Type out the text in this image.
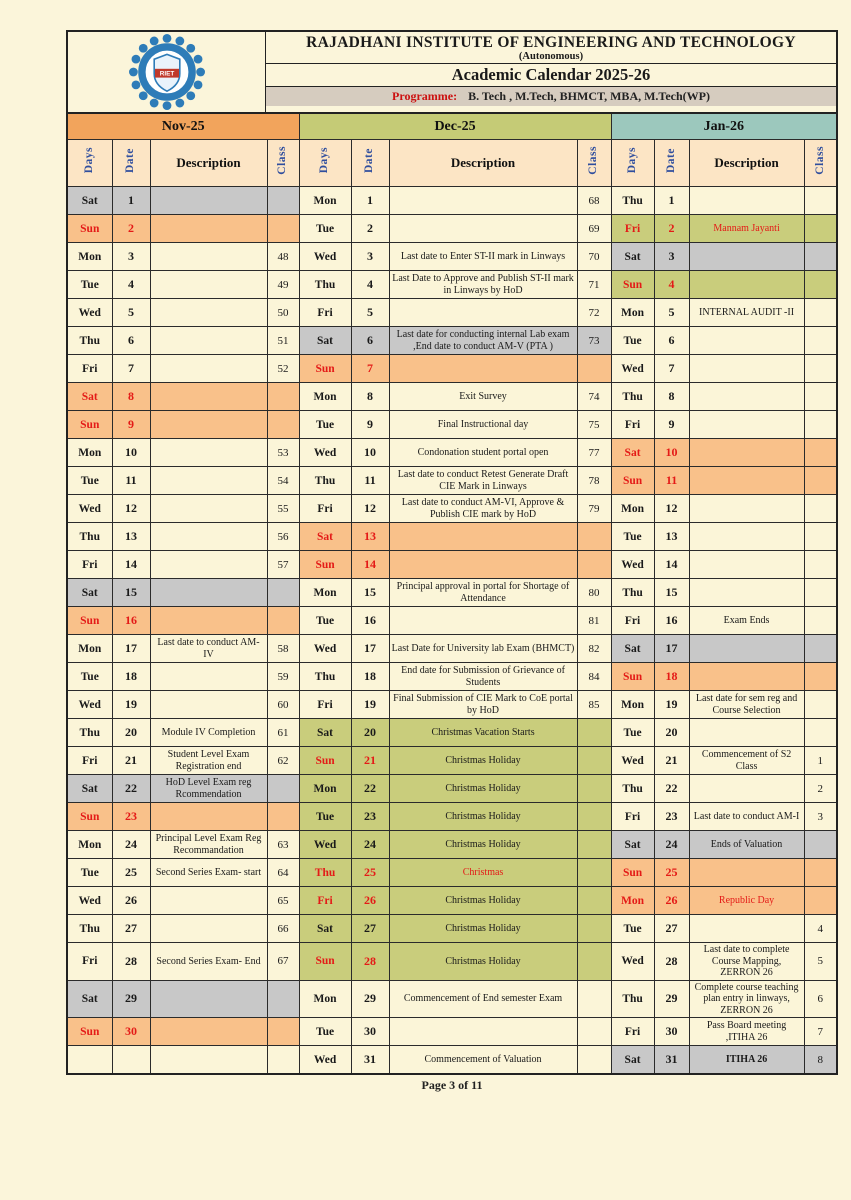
RIET
RAJADHANI INSTITUTE OF ENGINEERING AND TECHNOLOGY
(Autonomous)
Academic Calendar 2025-26
Programme: B. Tech , M.Tech, BHMCT, MBA, M.Tech(WP)
Nov-25				Dec-25				Jan-26			
Days	Date	Description	Class	Days	Date	Description	Class	Days	Date	Description	Class
Sat	1			Mon	1		68	Thu	1		
Sun	2			Tue	2		69	Fri	2	Mannam Jayanti	
Mon	3		48	Wed	3	Last date to Enter ST-II mark in Linways	70	Sat	3		
Tue	4		49	Thu	4	Last Date to Approve and Publish ST-II mark in Linways by HoD	71	Sun	4		
Wed	5		50	Fri	5		72	Mon	5	INTERNAL AUDIT -II	
Thu	6		51	Sat	6	Last date for conducting internal Lab exam ,End date to conduct AM-V (PTA )	73	Tue	6		
Fri	7		52	Sun	7			Wed	7		
Sat	8			Mon	8	Exit Survey	74	Thu	8		
Sun	9			Tue	9	Final Instructional day	75	Fri	9		
Mon	10		53	Wed	10	Condonation student portal open	77	Sat	10		
Tue	11		54	Thu	11	Last date to conduct Retest Generate Draft CIE Mark in Linways	78	Sun	11		
Wed	12		55	Fri	12	Last date to conduct AM-VI, Approve & Publish CIE mark by HoD	79	Mon	12		
Thu	13		56	Sat	13			Tue	13		
Fri	14		57	Sun	14			Wed	14		
Sat	15			Mon	15	Principal approval in portal for Shortage of Attendance	80	Thu	15		
Sun	16			Tue	16		81	Fri	16	Exam Ends	
Mon	17	Last date to conduct AM-IV	58	Wed	17	Last Date for University lab Exam (BHMCT)	82	Sat	17		
Tue	18		59	Thu	18	End date for Submission of Grievance of Students	84	Sun	18		
Wed	19		60	Fri	19	Final Submission of CIE Mark to CoE portal by HoD	85	Mon	19	Last date for sem reg and Course Selection	
Thu	20	Module IV Completion	61	Sat	20	Christmas Vacation Starts		Tue	20		
Fri	21	Student Level Exam Registration end	62	Sun	21	Christmas Holiday		Wed	21	Commencement of S2 Class	1
Sat	22	HoD Level Exam reg Rcommendation		Mon	22	Christmas Holiday		Thu	22		2
Sun	23			Tue	23	Christmas Holiday		Fri	23	Last date to conduct AM-I	3
Mon	24	Principal Level Exam Reg Recommandation	63	Wed	24	Christmas Holiday		Sat	24	Ends of Valuation	
Tue	25	Second Series Exam- start	64	Thu	25	Christmas		Sun	25		
Wed	26		65	Fri	26	Christmas Holiday		Mon	26	Republic Day	
Thu	27		66	Sat	27	Christmas Holiday		Tue	27		4
Fri	28	Second Series Exam- End	67	Sun	28	Christmas Holiday		Wed	28	Last date to complete Course Mapping, ZERRON 26	5
Sat	29			Mon	29	Commencement of End semester Exam		Thu	29	Complete course teaching plan entry in linways, ZERRON 26	6
Sun	30			Tue	30			Fri	30	Pass Board meeting ,ITIHA 26	7
				Wed	31	Commencement of Valuation		Sat	31	ITIHA 26	8
Page 3 of 11
